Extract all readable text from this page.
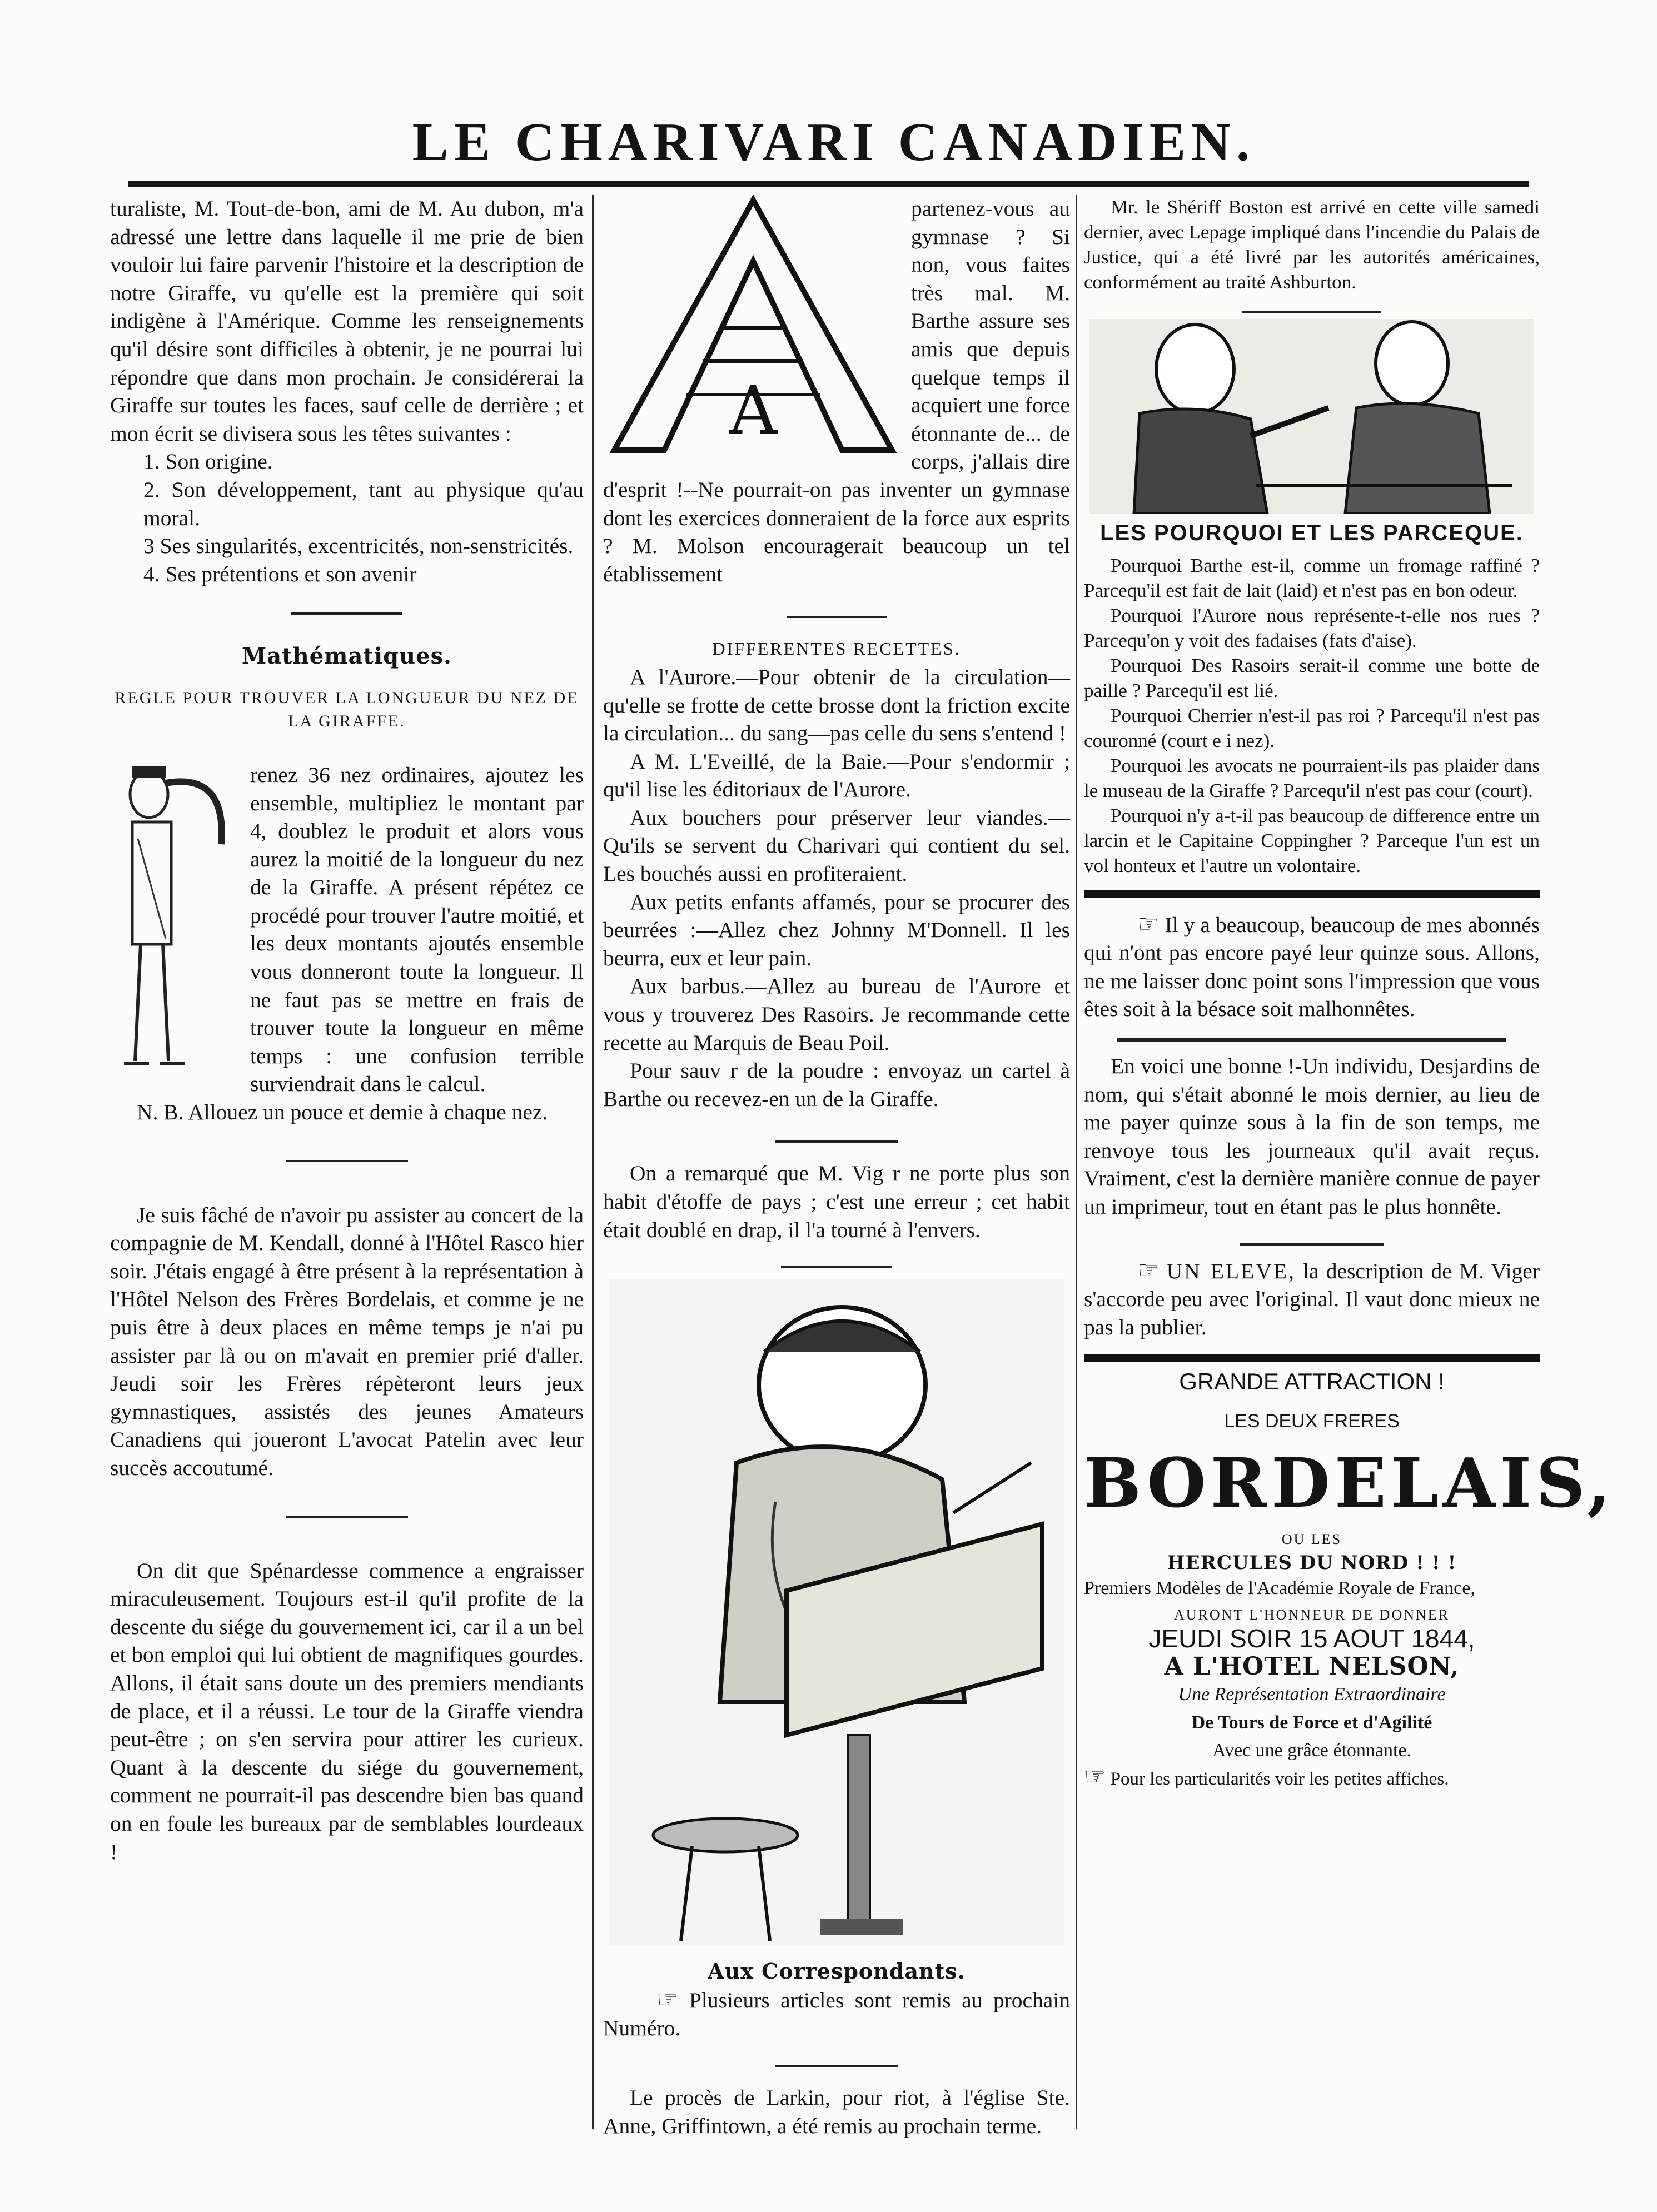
LE CHARIVARI CANADIEN.

turaliste, M. Tout-de-bon, ami de M. Au dubon, m'a adressé une lettre dans laquelle il me prie de bien vouloir lui faire parvenir l'histoire et la description de notre Giraffe, vu qu'elle est la première qui soit indigène à l'Amérique. Comme les renseignements qu'il désire sont difficiles à obtenir, je ne pourrai lui répondre que dans mon prochain. Je considérerai la Giraffe sur toutes les faces, sauf celle de derrière ; et mon écrit se divisera sous les têtes suivantes :

1. Son origine.

2. Son développement, tant au physique qu'au moral.

3 Ses singularités, excentricités, non-senstricités.

4. Ses prétentions et son avenir

Mathématiques.

REGLE POUR TROUVER LA LONGUEUR DU NEZ DE LA GIRAFFE.

renez 36 nez ordinaires, ajoutez les ensemble, multipliez le montant par 4, doublez le produit et alors vous aurez la moitié de la longueur du nez de la Giraffe. A présent répétez ce procédé pour trouver l'autre moitié, et les deux montants ajoutés ensemble vous donneront toute la longueur. Il ne faut pas se mettre en frais de trouver toute la longueur en même temps : une confusion terrible surviendrait dans le calcul.

N. B. Allouez un pouce et demie à chaque nez.

Je suis fâché de n'avoir pu assister au concert de la compagnie de M. Kendall, donné à l'Hôtel Rasco hier soir. J'étais engagé à être présent à la représentation à l'Hôtel Nelson des Frères Bordelais, et comme je ne puis être à deux places en même temps je n'ai pu assister par là ou on m'avait en premier prié d'aller. Jeudi soir les Frères répèteront leurs jeux gymnastiques, assistés des jeunes Amateurs Canadiens qui joueront L'avocat Patelin avec leur succès accoutumé.

On dit que Spénardesse commence a engraisser miraculeusement. Toujours est-il qu'il profite de la descente du siége du gouvernement ici, car il a un bel et bon emploi qui lui obtient de magnifiques gourdes. Allons, il était sans doute un des premiers mendiants de place, et il a réussi. Le tour de la Giraffe viendra peut-être ; on s'en servira pour attirer les curieux. Quant à la descente du siége du gouvernement, comment ne pourrait-il pas descendre bien bas quand on en foule les bureaux par de semblables lourdeaux !

A

partenez-vous au gymnase ? Si non, vous faites très mal. M. Barthe assure ses amis que depuis quelque temps il acquiert une force étonnante de... de corps, j'allais dire d'esprit !--Ne pourrait-on pas inventer un gymnase dont les exercices donneraient de la force aux esprits ? M. Molson encouragerait beaucoup un tel établissement

DIFFERENTES RECETTES.

A l'Aurore.—Pour obtenir de la circulation—qu'elle se frotte de cette brosse dont la friction excite la circulation... du sang—pas celle du sens s'entend !

A M. L'Eveillé, de la Baie.—Pour s'endormir ; qu'il lise les éditoriaux de l'Aurore.

Aux bouchers pour préserver leur viandes.—Qu'ils se servent du Charivari qui contient du sel. Les bouchés aussi en profiteraient.

Aux petits enfants affamés, pour se procurer des beurrées :—Allez chez Johnny M'Donnell. Il les beurra, eux et leur pain.

Aux barbus.—Allez au bureau de l'Aurore et vous y trouverez Des Rasoirs. Je recommande cette recette au Marquis de Beau Poil.

Pour sauv r de la poudre : envoyaz un cartel à Barthe ou recevez-en un de la Giraffe.

On a remarqué que M. Vig r ne porte plus son habit d'étoffe de pays ; c'est une erreur ; cet habit était doublé en drap, il l'a tourné à l'envers.

Aux Correspondants.

☞ Plusieurs articles sont remis au prochain Numéro.

Le procès de Larkin, pour riot, à l'église Ste. Anne, Griffintown, a été remis au prochain terme.

Mr. le Shériff Boston est arrivé en cette ville samedi dernier, avec Lepage impliqué dans l'incendie du Palais de Justice, qui a été livré par les autorités américaines, conformément au traité Ashburton.

LES POURQUOI ET LES PARCEQUE.

Pourquoi Barthe est-il, comme un fromage raffiné ? Parcequ'il est fait de lait (laid) et n'est pas en bon odeur.

Pourquoi l'Aurore nous représente-t-elle nos rues ? Parcequ'on y voit des fadaises (fats d'aise).

Pourquoi Des Rasoirs serait-il comme une botte de paille ? Parcequ'il est lié.

Pourquoi Cherrier n'est-il pas roi ? Parcequ'il n'est pas couronné (court e i nez).

Pourquoi les avocats ne pourraient-ils pas plaider dans le museau de la Giraffe ? Parcequ'il n'est pas cour (court).

Pourquoi n'y a-t-il pas beaucoup de difference entre un larcin et le Capitaine Coppingher ? Parceque l'un est un vol honteux et l'autre un volontaire.

☞ Il y a beaucoup, beaucoup de mes abonnés qui n'ont pas encore payé leur quinze sous. Allons, ne me laisser donc point sons l'impression que vous êtes soit à la bésace soit malhonnêtes.

En voici une bonne !-Un individu, Desjardins de nom, qui s'était abonné le mois dernier, au lieu de me payer quinze sous à la fin de son temps, me renvoye tous les journeaux qu'il avait reçus. Vraiment, c'est la dernière manière connue de payer un imprimeur, tout en étant pas le plus honnête.

☞ UN ELEVE, la description de M. Viger s'accorde peu avec l'original. Il vaut donc mieux ne pas la publier.

GRANDE ATTRACTION !

LES DEUX FRERES

BORDELAIS,

OU LES

HERCULES DU NORD ! ! !

Premiers Modèles de l'Académie Royale de France,

AURONT L'HONNEUR DE DONNER

JEUDI SOIR 15 AOUT 1844,

A L'HOTEL NELSON,

Une Représentation Extraordinaire

De Tours de Force et d'Agilité

Avec une grâce étonnante.

☞ Pour les particularités voir les petites affiches.
